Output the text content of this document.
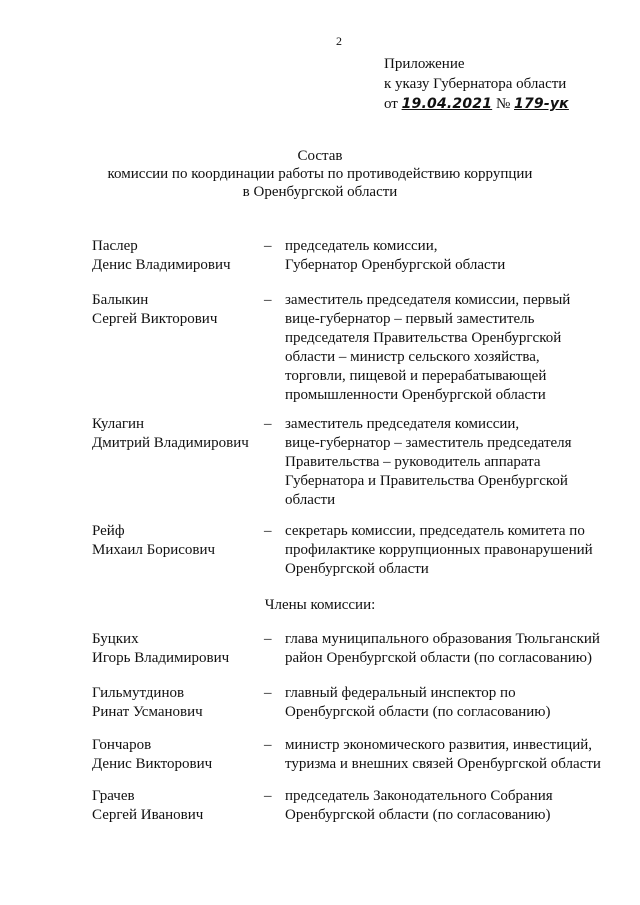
2
Приложение
к указу Губернатора области
от 19.04.2021 № 179-ук
Состав
комиссии по координации работы по противодействию коррупции
в Оренбургской области
Паслер
Денис Владимирович
– председатель комиссии,
Губернатор Оренбургской области
Балыкин
Сергей Викторович
– заместитель председателя комиссии, первый
вице-губернатор – первый заместитель
председателя Правительства Оренбургской
области – министр сельского хозяйства,
торговли, пищевой и перерабатывающей
промышленности Оренбургской области
Кулагин
Дмитрий Владимирович
– заместитель председателя комиссии,
вице-губернатор – заместитель председателя
Правительства – руководитель аппарата
Губернатора и Правительства Оренбургской
области
Рейф
Михаил Борисович
– секретарь комиссии, председатель комитета по
профилактике коррупционных правонарушений
Оренбургской области
Члены комиссии:
Буцких
Игорь Владимирович
– глава муниципального образования Тюльганский
район Оренбургской области (по согласованию)
Гильмутдинов
Ринат Усманович
– главный федеральный инспектор по
Оренбургской области (по согласованию)
Гончаров
Денис Викторович
– министр экономического развития, инвестиций,
туризма и внешних связей Оренбургской области
Грачев
Сергей Иванович
– председатель Законодательного Собрания
Оренбургской области (по согласованию)
